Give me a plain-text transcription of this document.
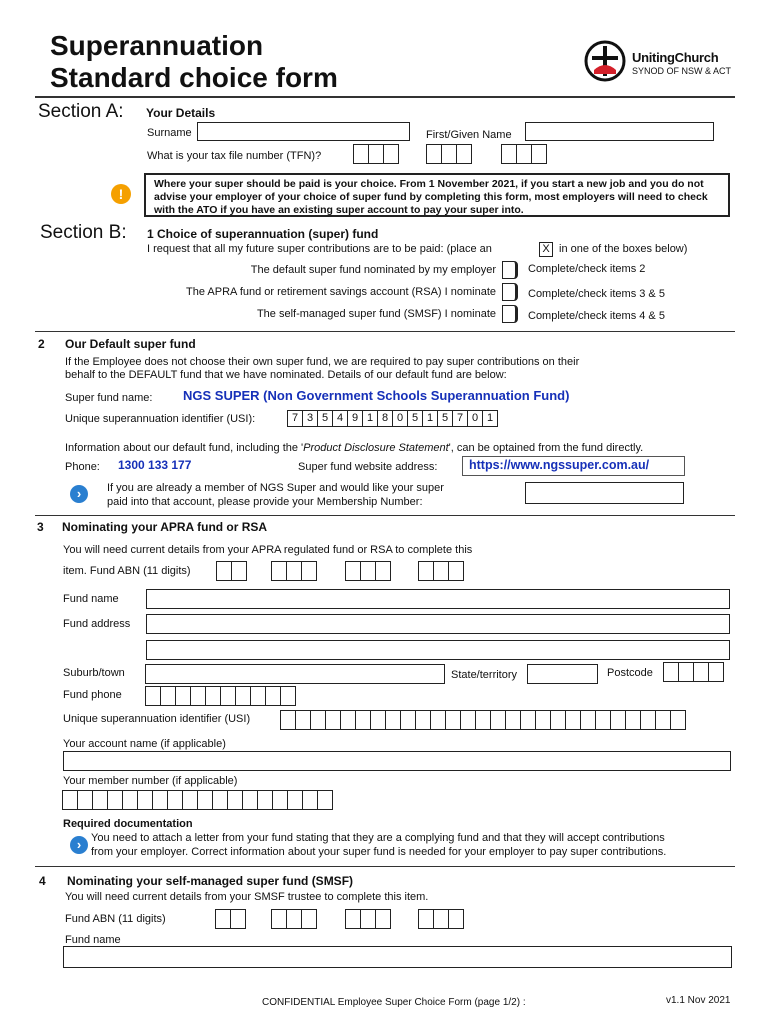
Superannuation
Standard choice form
UnitingChurch
SYNOD OF NSW & ACT
Section A: Your Details
Surname	First/Given Name
What is your tax file number (TFN)?
!
Where your super should be paid is your choice. From 1 November 2021, if you start a new job and you do not advise your employer of your choice of super fund by completing this form, most employers will need to check with the ATO if you have an existing super account to pay your super into.
Section B: 1 Choice of superannuation (super) fund
I request that all my future super contributions are to be paid: (place an	X in one of the boxes below)
The default super fund nominated by my employer	Complete/check items 2
The APRA fund or retirement savings account (RSA) I nominate	Complete/check items 3 & 5
The self-managed super fund (SMSF) I nominate	Complete/check items 4 & 5
2 Our Default super fund
If the Employee does not choose their own super fund, we are required to pay super contributions on their
behalf to the DEFAULT fund that we have nominated. Details of our default fund are below:
Super fund name: NGS SUPER (Non Government Schools Superannuation Fund)
Unique superannuation identifier (USI):	7 3 5 4 9 1 8 0 5 1 5 7 0 1
Information about our default fund, including the 'Product Disclosure Statement', can be optained from the fund directly.
Phone: 1300 133 177	Super fund website address:	https://www.ngssuper.com.au/
›	If you are already a member of NGS Super and would like your super
paid into that account, please provide your Membership Number:
3 Nominating your APRA fund or RSA
You will need current details from your APRA regulated fund or RSA to complete this
item. Fund ABN (11 digits)
Fund name
Fund address
Suburb/town	State/territory	Postcode
Fund phone
Unique superannuation identifier (USI)
Your account name (if applicable)
Your member number (if applicable)
Required documentation
› You need to attach a letter from your fund stating that they are a complying fund and that they will accept contributions
from your employer. Correct information about your super fund is needed for your employer to pay super contributions.
4 Nominating your self-managed super fund (SMSF)
You will need current details from your SMSF trustee to complete this item.
Fund ABN (11 digits)
Fund name
CONFIDENTIAL Employee Super Choice Form (page 1/2) :	v1.1 Nov 2021
